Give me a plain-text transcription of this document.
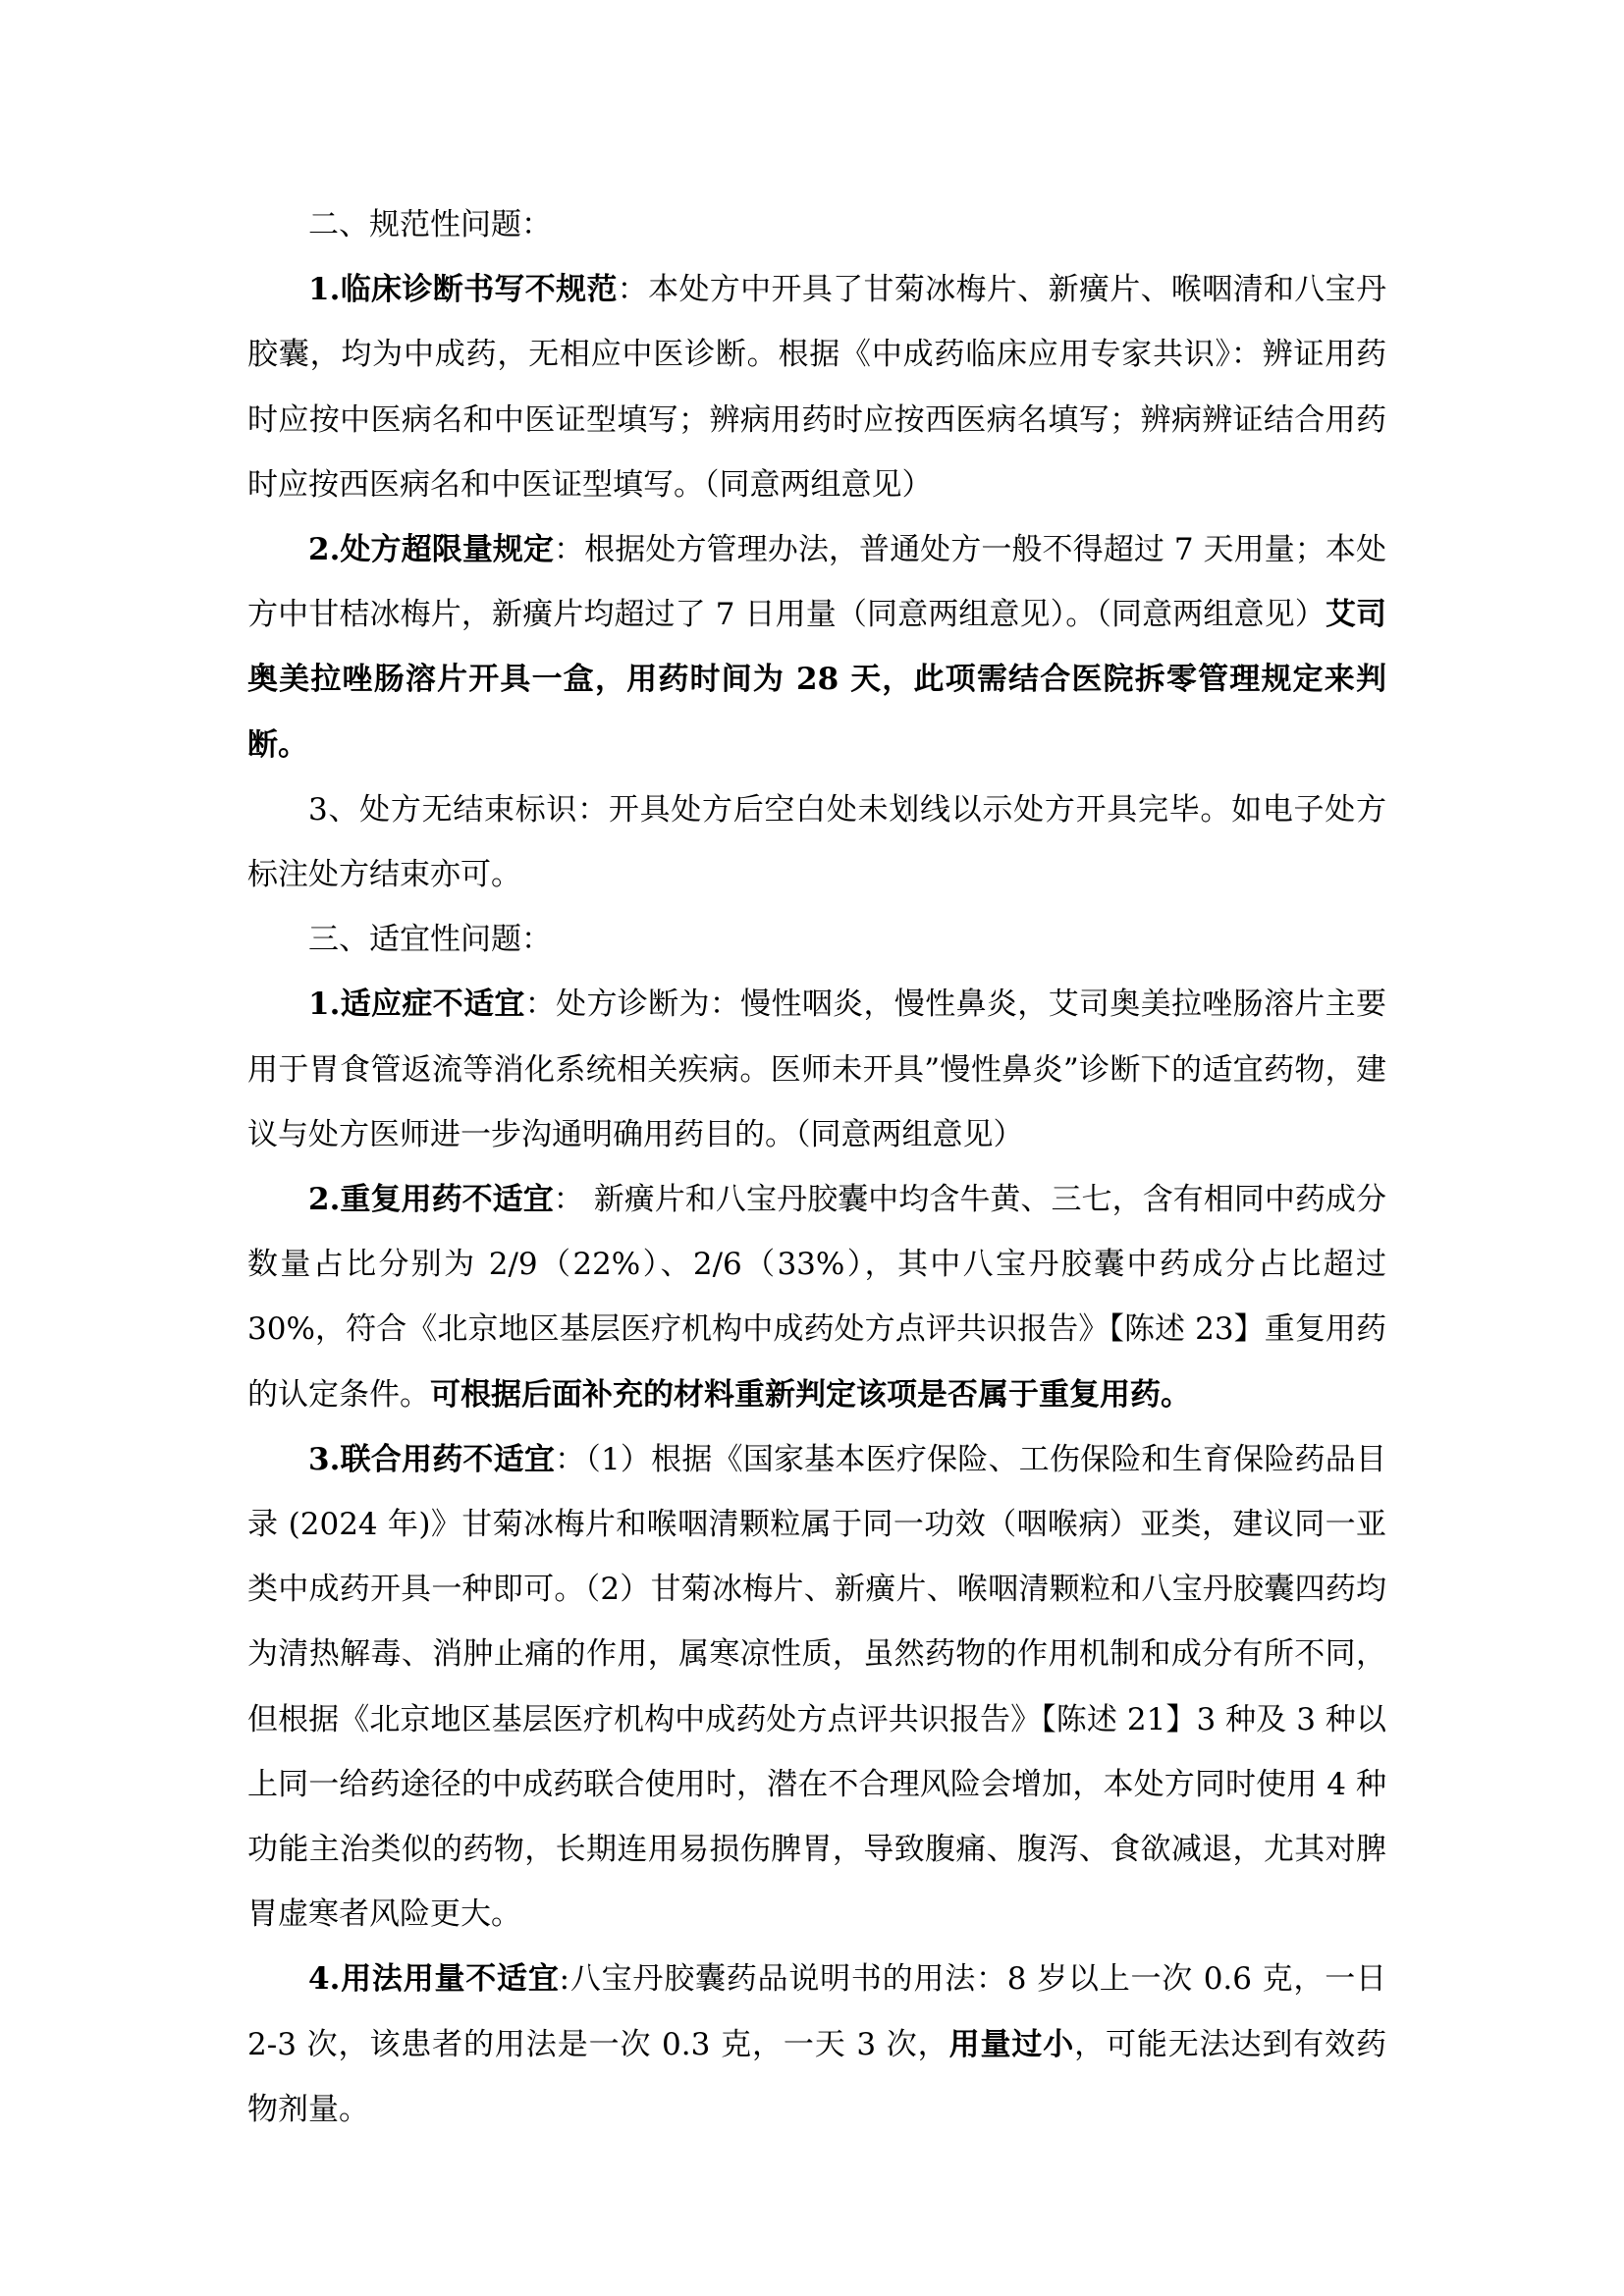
二、规范性问题：

1.临床诊断书写不规范：本处方中开具了甘菊冰梅片、新癀片、喉咽清和八宝丹胶囊，均为中成药，无相应中医诊断。根据《中成药临床应用专家共识》：辨证用药时应按中医病名和中医证型填写；辨病用药时应按西医病名填写；辨病辨证结合用药时应按西医病名和中医证型填写。（同意两组意见）

2.处方超限量规定：根据处方管理办法，普通处方一般不得超过 7 天用量；本处方中甘桔冰梅片，新癀片均超过了 7 日用量（同意两组意见）。（同意两组意见）艾司奥美拉唑肠溶片开具一盒，用药时间为 28 天，此项需结合医院拆零管理规定来判断。

3、处方无结束标识：开具处方后空白处未划线以示处方开具完毕。如电子处方标注处方结束亦可。

三、适宜性问题：

1.适应症不适宜：处方诊断为：慢性咽炎，慢性鼻炎，艾司奥美拉唑肠溶片主要用于胃食管返流等消化系统相关疾病。医师未开具”慢性鼻炎”诊断下的适宜药物，建议与处方医师进一步沟通明确用药目的。（同意两组意见）

2.重复用药不适宜： 新癀片和八宝丹胶囊中均含牛黄、三七，含有相同中药成分数量占比分别为 2/9（22%）、2/6（33%），其中八宝丹胶囊中药成分占比超过 30%，符合《北京地区基层医疗机构中成药处方点评共识报告》【陈述 23】重复用药的认定条件。可根据后面补充的材料重新判定该项是否属于重复用药。

3.联合用药不适宜：（1）根据《国家基本医疗保险、工伤保险和生育保险药品目录 (2024 年)》甘菊冰梅片和喉咽清颗粒属于同一功效（咽喉病）亚类，建议同一亚类中成药开具一种即可。（2）甘菊冰梅片、新癀片、喉咽清颗粒和八宝丹胶囊四药均为清热解毒、消肿止痛的作用，属寒凉性质，虽然药物的作用机制和成分有所不同，但根据《北京地区基层医疗机构中成药处方点评共识报告》【陈述 21】3 种及 3 种以上同一给药途径的中成药联合使用时，潜在不合理风险会增加，本处方同时使用 4 种功能主治类似的药物，长期连用易损伤脾胃，导致腹痛、腹泻、食欲减退，尤其对脾胃虚寒者风险更大。

4.用法用量不适宜:八宝丹胶囊药品说明书的用法：8 岁以上一次 0.6 克，一日 2-3 次，该患者的用法是一次 0.3 克，一天 3 次，用量过小，可能无法达到有效药物剂量。
